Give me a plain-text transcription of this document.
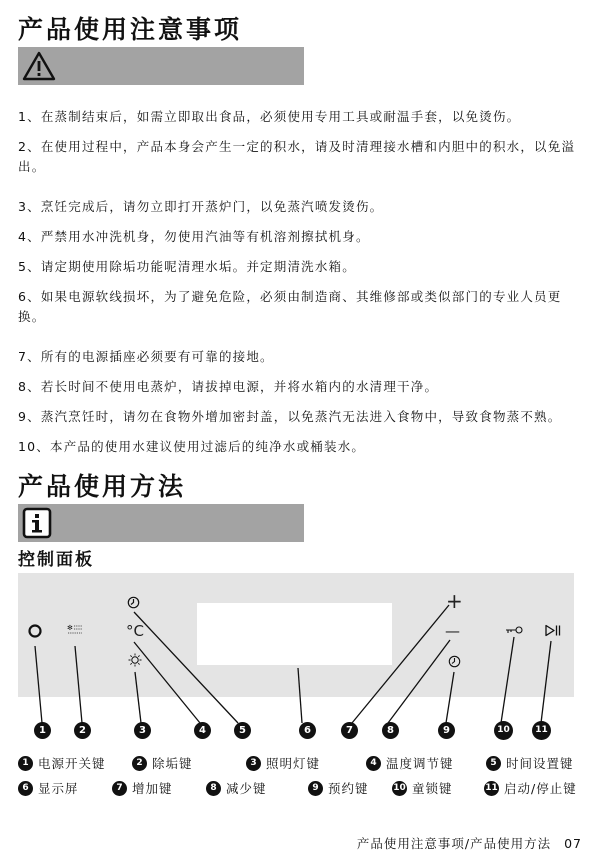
产品使用注意事项
1、在蒸制结束后，如需立即取出食品，必须使用专用工具或耐温手套，以免烫伤。
2、在使用过程中，产品本身会产生一定的积水，请及时清理接水槽和内胆中的积水，以免溢出。
3、烹饪完成后，请勿立即打开蒸炉门，以免蒸汽喷发烫伤。
4、严禁用水冲洗机身，勿使用汽油等有机溶剂擦拭机身。
5、请定期使用除垢功能呢清理水垢。并定期清洗水箱。
6、如果电源软线损坏，为了避免危险，必须由制造商、其维修部或类似部门的专业人员更换。
7、所有的电源插座必须要有可靠的接地。
8、若长时间不使用电蒸炉，请拔掉电源，并将水箱内的水清理干净。
9、蒸汽烹饪时，请勿在食物外增加密封盖，以免蒸汽无法进入食物中，导致食物蒸不熟。
10、本产品的使用水建议使用过滤后的纯净水或桶装水。
产品使用方法
控制面板
✻	°C
+
—
1	2	3	4	5	6	7	8	9	10	11
1 电源开关键	2 除垢键	3 照明灯键	4 温度调节键	5 时间设置键
6 显示屏	7 增加键	8 减少键	9 预约键	10 童锁键	11 启动/停止键
产品使用注意事项/产品使用方法 07
